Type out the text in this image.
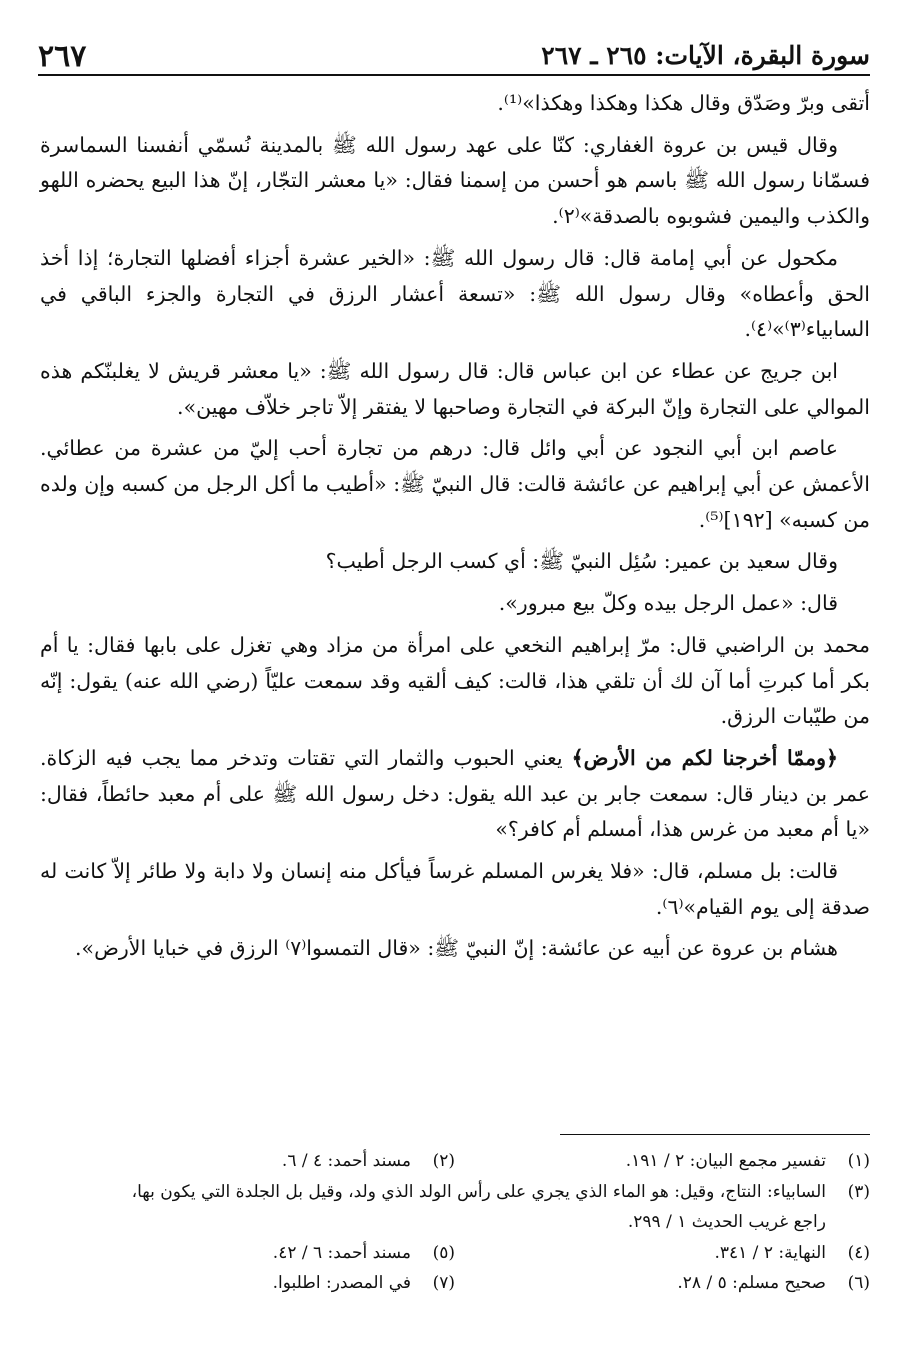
سورة البقرة، الآيات: ٢٦٥ ـ ٢٦٧
٢٦٧

أتقى وبرّ وصَدّق وقال هكذا وهكذا وهكذا»⁽¹⁾.

وقال قيس بن عروة الغفاري: كنّا على عهد رسول الله ﷺ بالمدينة نُسمّي أنفسنا السماسرة فسمّانا رسول الله ﷺ باسم هو أحسن من إسمنا فقال: «يا معشر التجّار، إنّ هذا البيع يحضره اللهو والكذب واليمين فشوبوه بالصدقة»⁽٢⁾.

مكحول عن أبي إمامة قال: قال رسول الله ﷺ: «الخير عشرة أجزاء أفضلها التجارة؛ إذا أخذ الحق وأعطاه» وقال رسول الله ﷺ: «تسعة أعشار الرزق في التجارة والجزء الباقي في السابياء⁽٣⁾»⁽٤⁾.

ابن جريج عن عطاء عن ابن عباس قال: قال رسول الله ﷺ: «يا معشر قريش لا يغلبنّكم هذه الموالي على التجارة وإنّ البركة في التجارة وصاحبها لا يفتقر إلاّ تاجر خلاّف مهين».

عاصم ابن أبي النجود عن أبي وائل قال: درهم من تجارة أحب إليّ من عشرة من عطائي. الأعمش عن أبي إبراهيم عن عائشة قالت: قال النبيّ ﷺ: «أطيب ما أكل الرجل من كسبه وإن ولده من كسبه» [١٩٢]⁽⁵⁾.

وقال سعيد بن عمير: سُئِل النبيّ ﷺ: أي كسب الرجل أطيب؟

قال: «عمل الرجل بيده وكلّ بيع مبرور».

محمد بن الراضبي قال: مرّ إبراهيم النخعي على امرأة من مزاد وهي تغزل على بابها فقال: يا أم بكر أما كبرتِ أما آن لك أن تلقي هذا، قالت: كيف ألقيه وقد سمعت عليّاً (رضي الله عنه) يقول: إنّه من طيّبات الرزق.

﴿وممّا أخرجنا لكم من الأرض﴾ يعني الحبوب والثمار التي تقتات وتدخر مما يجب فيه الزكاة. عمر بن دينار قال: سمعت جابر بن عبد الله يقول: دخل رسول الله ﷺ على أم معبد حائطاً، فقال: «يا أم معبد من غرس هذا، أمسلم أم كافر؟»

قالت: بل مسلم، قال: «فلا يغرس المسلم غرساً فيأكل منه إنسان ولا دابة ولا طائر إلاّ كانت له صدقة إلى يوم القيام»⁽٦⁾.

هشام بن عروة عن أبيه عن عائشة: إنّ النبيّ ﷺ: «قال التمسوا⁽٧⁾ الرزق في خبايا الأرض».

(١)
تفسير مجمع البيان: ٢ / ١٩١.
(٢)
مسند أحمد: ٤ / ٦.
(٣)
السابياء: النتاج، وقيل: هو الماء الذي يجري على رأس الولد الذي ولد، وقيل بل الجلدة التي يكون بها،
راجع غريب الحديث ١ / ٢٩٩.
(٤)
النهاية: ٢ / ٣٤١.
(٥)
مسند أحمد: ٦ / ٤٢.
(٦)
صحيح مسلم: ٥ / ٢٨.
(٧)
في المصدر: اطلبوا.
